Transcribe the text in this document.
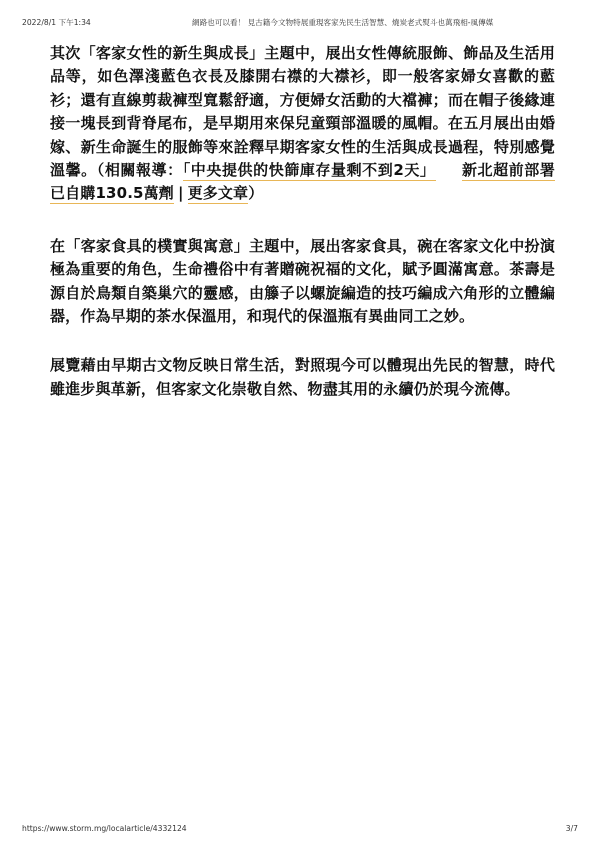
2022/8/1 下午1:34	網路也可以看！ 見古籍今文物特展重現客家先民生活智慧、燒炭老式熨斗也萬飛相-風傳媒

其次「客家女性的新生與成長」主題中，展出女性傳統服飾、飾品及生活用品等，如色澤淺藍色衣長及膝開右襟的大襟衫，即一般客家婦女喜歡的藍衫；還有直線剪裁褲型寬鬆舒適，方便婦女活動的大襠褲；而在帽子後緣連接一塊長到背脊尾布，是早期用來保兒童頸部溫暖的風帽。在五月展出由婚嫁、新生命誕生的服飾等來詮釋早期客家女性的生活與成長過程，特別感覺溫馨。（相關報導：「中央提供的快篩庫存量剩不到2天」 新北超前部署已自購130.5萬劑 | 更多文章）

在「客家食具的樸實與寓意」主題中，展出客家食具，碗在客家文化中扮演極為重要的角色，生命禮俗中有著贈碗祝福的文化，賦予圓滿寓意。茶壽是源自於鳥類自築巢穴的靈感，由籐子以螺旋編造的技巧編成六角形的立體編器，作為早期的茶水保溫用，和現代的保溫瓶有異曲同工之妙。

展覽藉由早期古文物反映日常生活，對照現今可以體現出先民的智慧，時代雖進步與革新，但客家文化崇敬自然、物盡其用的永續仍於現今流傳。

https://www.storm.mg/localarticle/4332124	3/7
